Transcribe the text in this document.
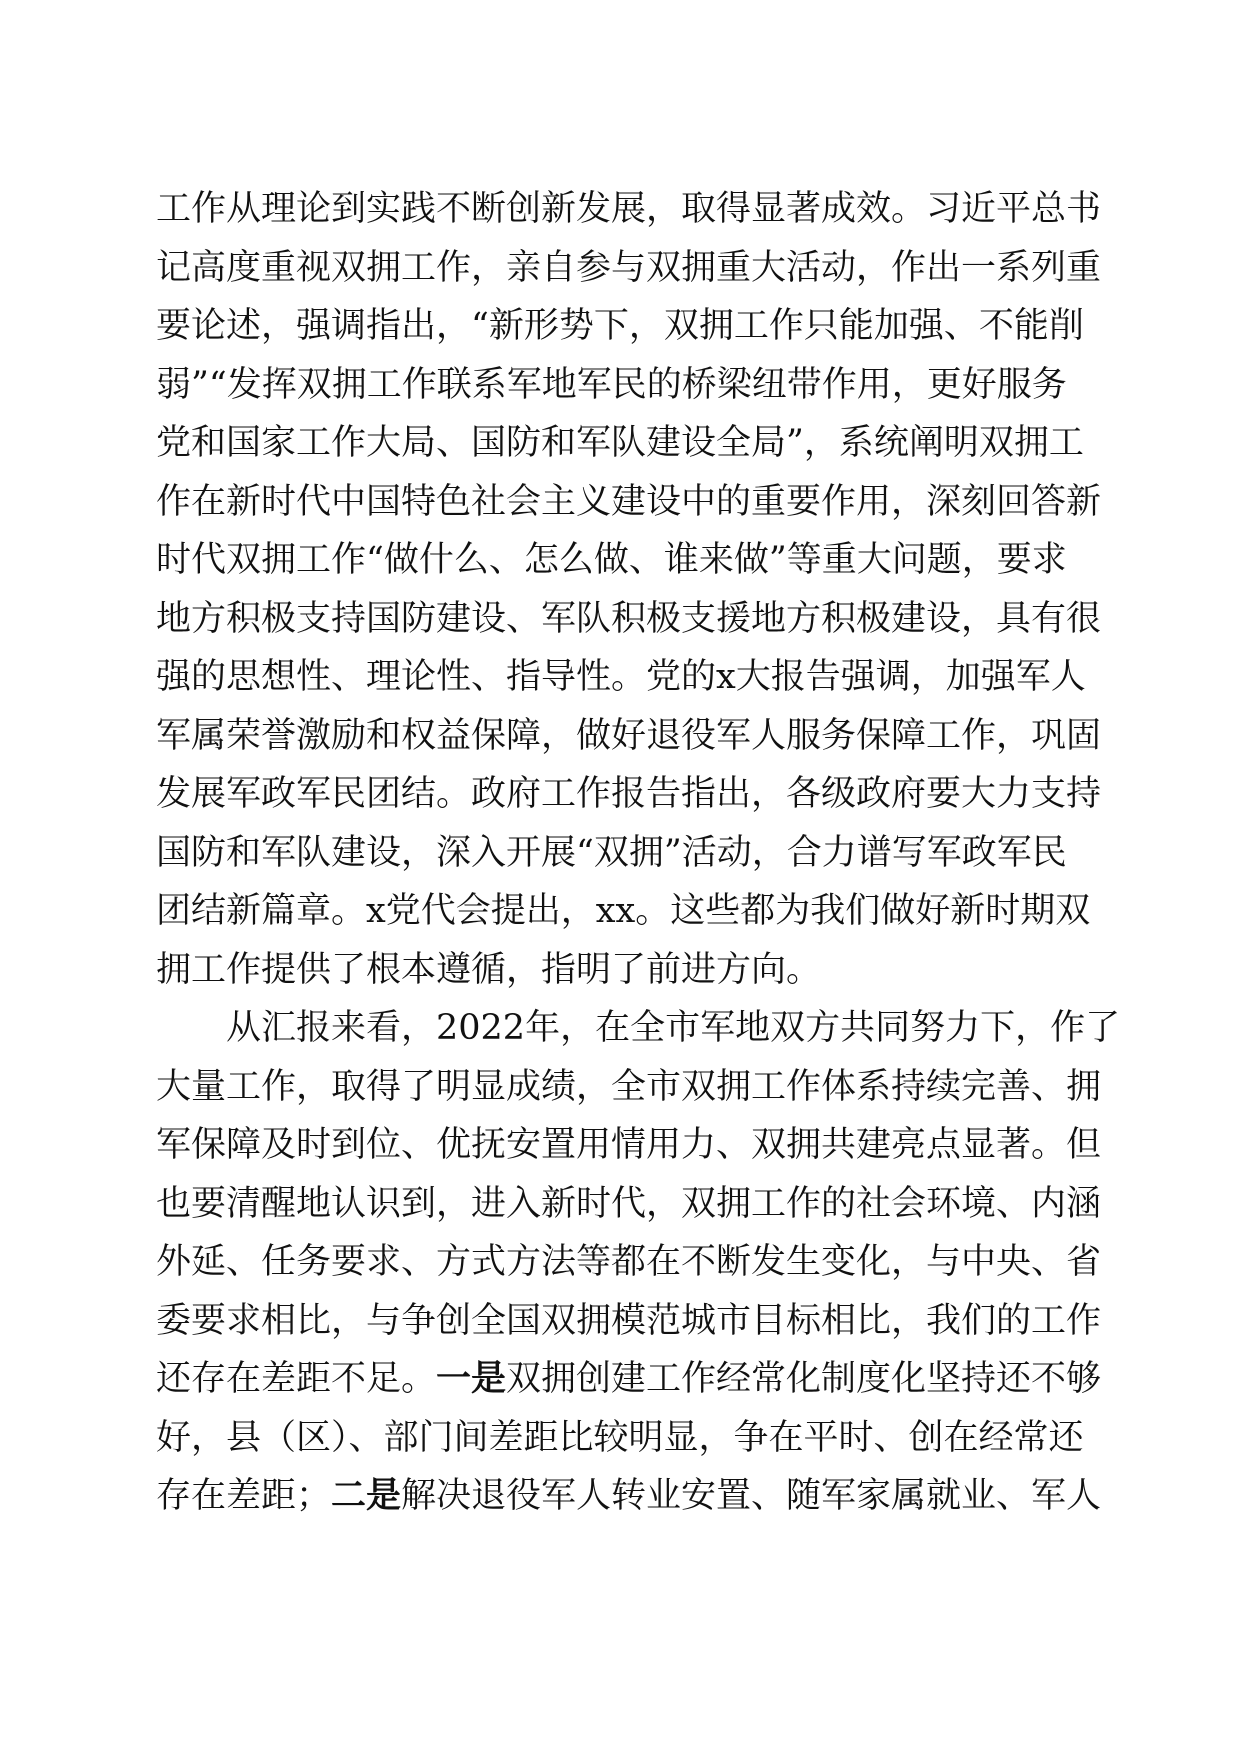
工作从理论到实践不断创新发展，取得显著成效。习近平总书
记高度重视双拥工作，亲自参与双拥重大活动，作出一系列重
要论述，强调指出，“新形势下，双拥工作只能加强、不能削
弱”“发挥双拥工作联系军地军民的桥梁纽带作用，更好服务
党和国家工作大局、国防和军队建设全局”，系统阐明双拥工
作在新时代中国特色社会主义建设中的重要作用，深刻回答新
时代双拥工作“做什么、怎么做、谁来做”等重大问题，要求
地方积极支持国防建设、军队积极支援地方积极建设，具有很
强的思想性、理论性、指导性。党的x大报告强调，加强军人
军属荣誉激励和权益保障，做好退役军人服务保障工作，巩固
发展军政军民团结。政府工作报告指出，各级政府要大力支持
国防和军队建设，深入开展“双拥”活动，合力谱写军政军民
团结新篇章。x党代会提出，xx。这些都为我们做好新时期双
拥工作提供了根本遵循，指明了前进方向。
从汇报来看，2022年，在全市军地双方共同努力下，作了
大量工作，取得了明显成绩，全市双拥工作体系持续完善、拥
军保障及时到位、优抚安置用情用力、双拥共建亮点显著。但
也要清醒地认识到，进入新时代，双拥工作的社会环境、内涵
外延、任务要求、方式方法等都在不断发生变化，与中央、省
委要求相比，与争创全国双拥模范城市目标相比，我们的工作
还存在差距不足。一是双拥创建工作经常化制度化坚持还不够
好，县（区）、部门间差距比较明显，争在平时、创在经常还
存在差距；二是解决退役军人转业安置、随军家属就业、军人
